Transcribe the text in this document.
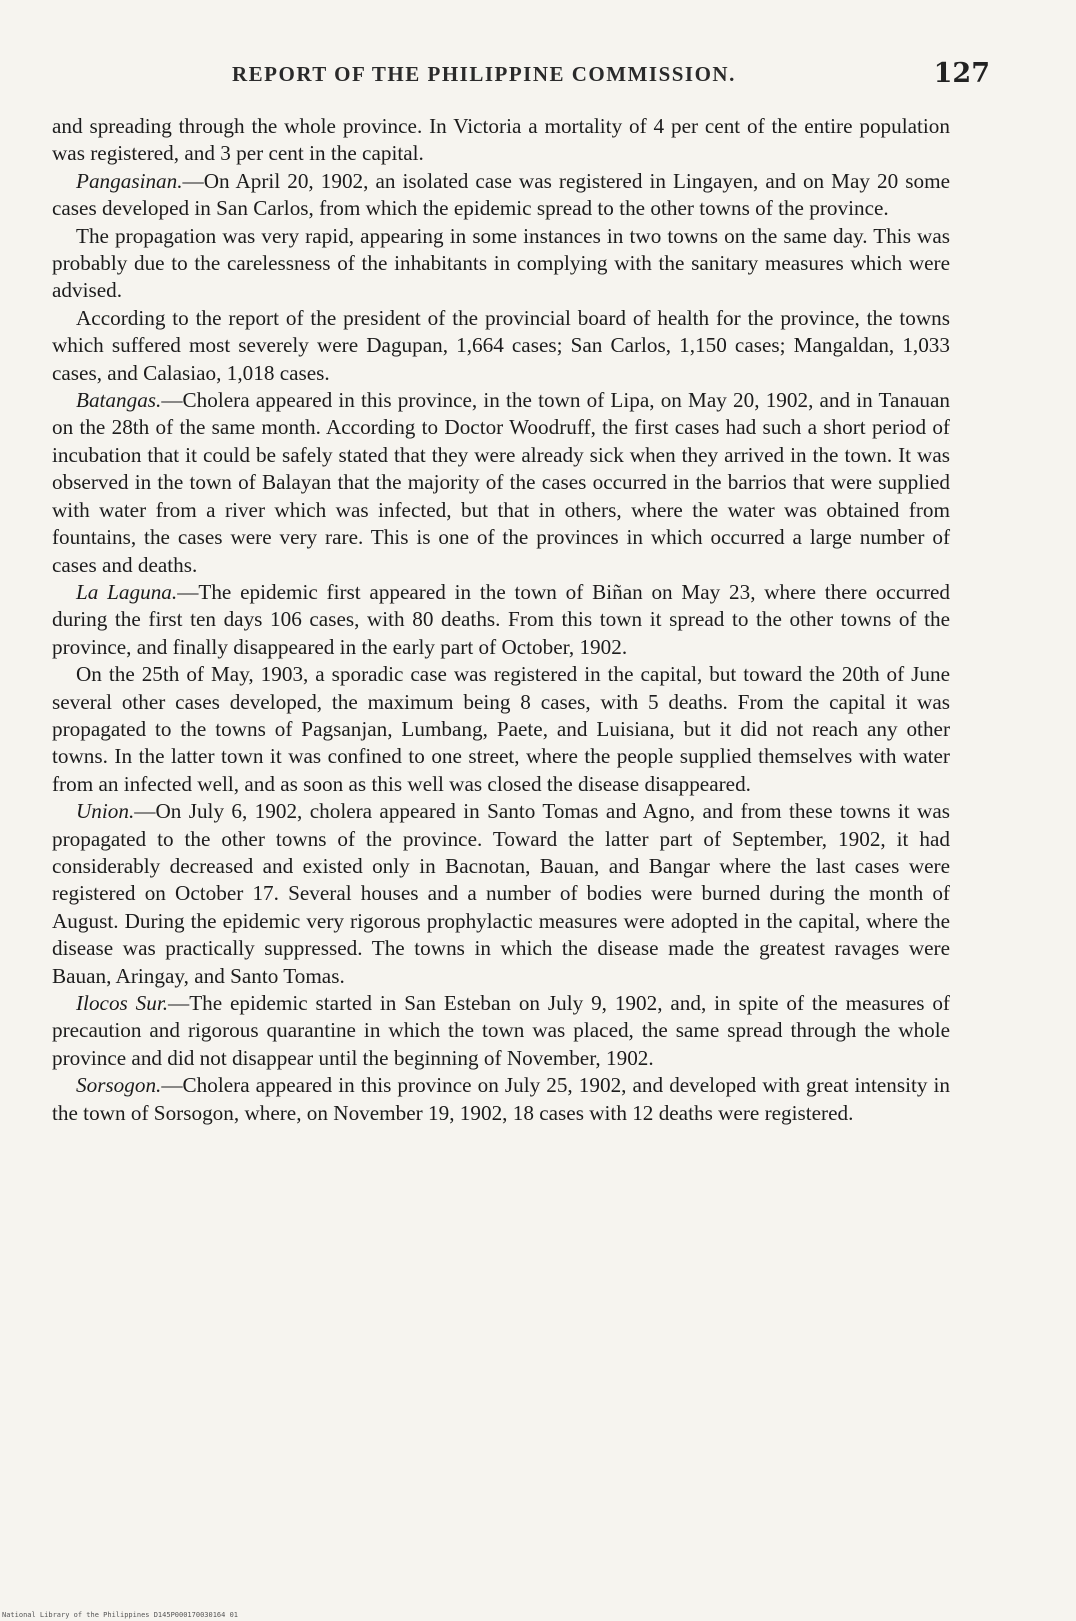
REPORT OF THE PHILIPPINE COMMISSION.	127

and spreading through the whole province. In Victoria a mortality of 4 per cent of the entire population was registered, and 3 per cent in the capital.

Pangasinan.—On April 20, 1902, an isolated case was registered in Lingayen, and on May 20 some cases developed in San Carlos, from which the epidemic spread to the other towns of the province.

The propagation was very rapid, appearing in some instances in two towns on the same day. This was probably due to the carelessness of the inhabitants in complying with the sanitary measures which were advised.

According to the report of the president of the provincial board of health for the province, the towns which suffered most severely were Dagupan, 1,664 cases; San Carlos, 1,150 cases; Mangaldan, 1,033 cases, and Calasiao, 1,018 cases.

Batangas.—Cholera appeared in this province, in the town of Lipa, on May 20, 1902, and in Tanauan on the 28th of the same month. According to Doctor Woodruff, the first cases had such a short period of incubation that it could be safely stated that they were already sick when they arrived in the town. It was observed in the town of Balayan that the majority of the cases occurred in the barrios that were supplied with water from a river which was infected, but that in others, where the water was obtained from fountains, the cases were very rare. This is one of the provinces in which occurred a large number of cases and deaths.

La Laguna.—The epidemic first appeared in the town of Biñan on May 23, where there occurred during the first ten days 106 cases, with 80 deaths. From this town it spread to the other towns of the province, and finally disappeared in the early part of October, 1902.

On the 25th of May, 1903, a sporadic case was registered in the capital, but toward the 20th of June several other cases developed, the maximum being 8 cases, with 5 deaths. From the capital it was propagated to the towns of Pagsanjan, Lumbang, Paete, and Luisiana, but it did not reach any other towns. In the latter town it was confined to one street, where the people supplied themselves with water from an infected well, and as soon as this well was closed the disease disappeared.

Union.—On July 6, 1902, cholera appeared in Santo Tomas and Agno, and from these towns it was propagated to the other towns of the province. Toward the latter part of September, 1902, it had considerably decreased and existed only in Bacnotan, Bauan, and Bangar where the last cases were registered on October 17. Several houses and a number of bodies were burned during the month of August. During the epidemic very rigorous prophylactic measures were adopted in the capital, where the disease was practically suppressed. The towns in which the disease made the greatest ravages were Bauan, Aringay, and Santo Tomas.

Ilocos Sur.—The epidemic started in San Esteban on July 9, 1902, and, in spite of the measures of precaution and rigorous quarantine in which the town was placed, the same spread through the whole province and did not disappear until the beginning of November, 1902.

Sorsogon.—Cholera appeared in this province on July 25, 1902, and developed with great intensity in the town of Sorsogon, where, on November 19, 1902, 18 cases with 12 deaths were registered.

National Library of the Philippines D145P000170030164 01
